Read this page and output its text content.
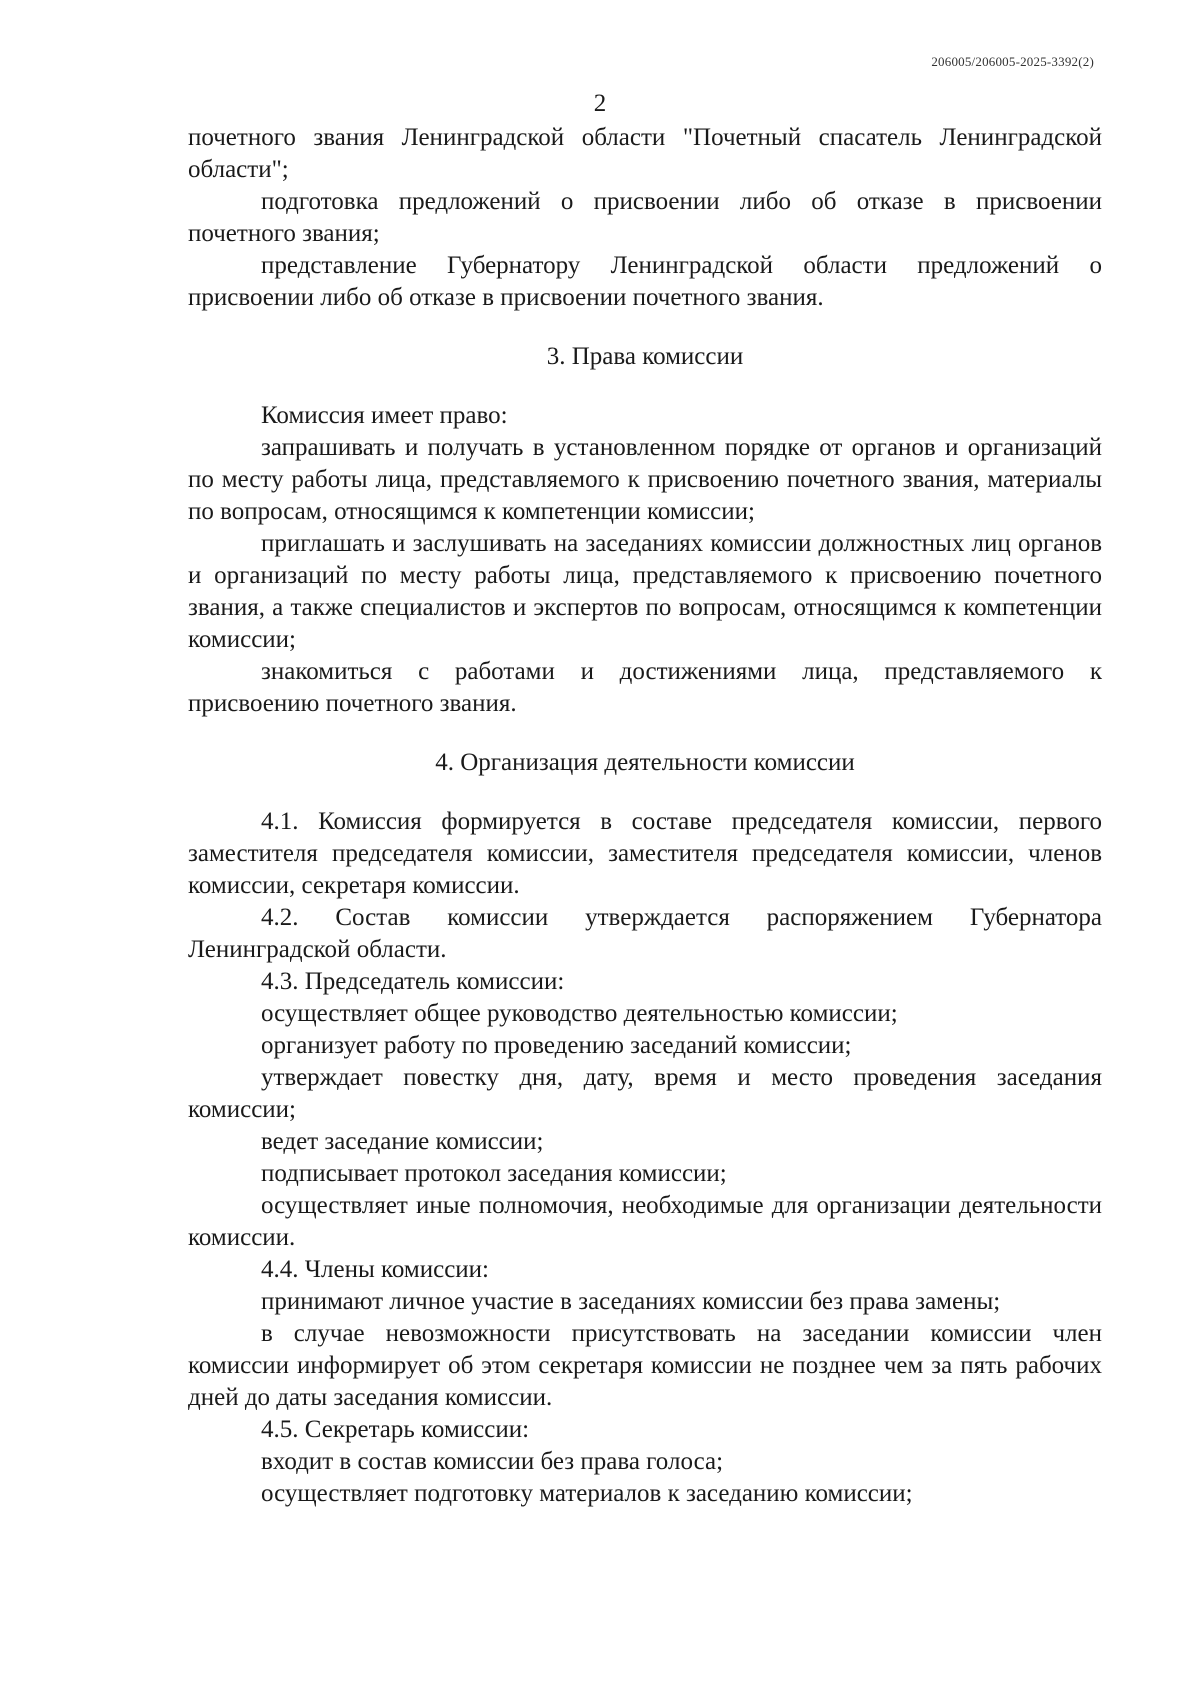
206005/206005-2025-3392(2)
2

почетного звания Ленинградской области "Почетный спасатель Ленинградской области";

подготовка предложений о присвоении либо об отказе в присвоении почетного звания;

представление Губернатору Ленинградской области предложений о присвоении либо об отказе в присвоении почетного звания.

3. Права комиссии

Комиссия имеет право:

запрашивать и получать в установленном порядке от органов и организаций по месту работы лица, представляемого к присвоению почетного звания, материалы по вопросам, относящимся к компетенции комиссии;

приглашать и заслушивать на заседаниях комиссии должностных лиц органов и организаций по месту работы лица, представляемого к присвоению почетного звания, а также специалистов и экспертов по вопросам, относящимся к компетенции комиссии;

знакомиться с работами и достижениями лица, представляемого к присвоению почетного звания.

4. Организация деятельности комиссии

4.1. Комиссия формируется в составе председателя комиссии, первого заместителя председателя комиссии, заместителя председателя комиссии, членов комиссии, секретаря комиссии.

4.2. Состав комиссии утверждается распоряжением Губернатора Ленинградской области.

4.3. Председатель комиссии:

осуществляет общее руководство деятельностью комиссии;

организует работу по проведению заседаний комиссии;

утверждает повестку дня, дату, время и место проведения заседания комиссии;

ведет заседание комиссии;

подписывает протокол заседания комиссии;

осуществляет иные полномочия, необходимые для организации деятельности комиссии.

4.4. Члены комиссии:

принимают личное участие в заседаниях комиссии без права замены;

в случае невозможности присутствовать на заседании комиссии член комиссии информирует об этом секретаря комиссии не позднее чем за пять рабочих дней до даты заседания комиссии.

4.5. Секретарь комиссии:

входит в состав комиссии без права голоса;

осуществляет подготовку материалов к заседанию комиссии;
